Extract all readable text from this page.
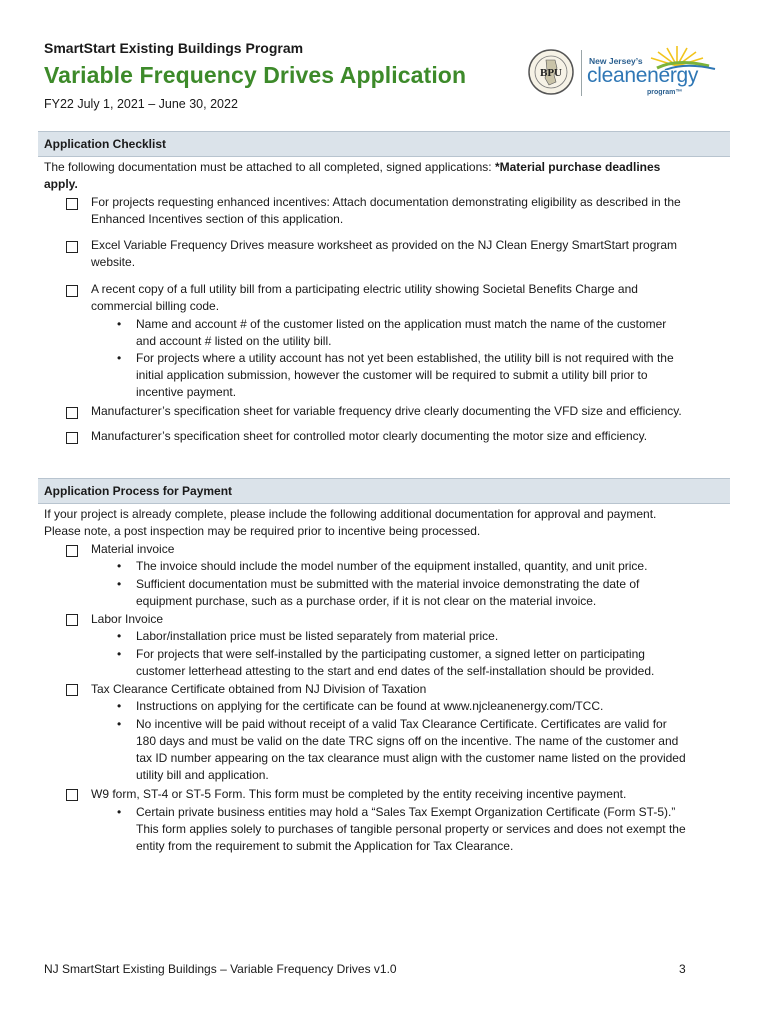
SmartStart Existing Buildings Program
Variable Frequency Drives Application
FY22 July 1, 2021 – June 30, 2022
BPU
New Jersey’s
cleanenergy
program™
Application Checklist
The following documentation must be attached to all completed, signed applications: *Material purchase deadlines
apply.
For projects requesting enhanced incentives: Attach documentation demonstrating eligibility as described in the
Enhanced Incentives section of this application.
Excel Variable Frequency Drives measure worksheet as provided on the NJ Clean Energy SmartStart program
website.
A recent copy of a full utility bill from a participating electric utility showing Societal Benefits Charge and
commercial billing code.
• Name and account # of the customer listed on the application must match the name of the customer
and account # listed on the utility bill.
• For projects where a utility account has not yet been established, the utility bill is not required with the
initial application submission, however the customer will be required to submit a utility bill prior to
incentive payment.
Manufacturer’s specification sheet for variable frequency drive clearly documenting the VFD size and efficiency.
Manufacturer’s specification sheet for controlled motor clearly documenting the motor size and efficiency.
Application Process for Payment
If your project is already complete, please include the following additional documentation for approval and payment.
Please note, a post inspection may be required prior to incentive being processed.
Material invoice
• The invoice should include the model number of the equipment installed, quantity, and unit price.
• Sufficient documentation must be submitted with the material invoice demonstrating the date of
equipment purchase, such as a purchase order, if it is not clear on the material invoice.
Labor Invoice
• Labor/installation price must be listed separately from material price.
• For projects that were self-installed by the participating customer, a signed letter on participating
customer letterhead attesting to the start and end dates of the self-installation should be provided.
Tax Clearance Certificate obtained from NJ Division of Taxation
• Instructions on applying for the certificate can be found at www.njcleanenergy.com/TCC.
• No incentive will be paid without receipt of a valid Tax Clearance Certificate. Certificates are valid for
180 days and must be valid on the date TRC signs off on the incentive. The name of the customer and
tax ID number appearing on the tax clearance must align with the customer name listed on the provided
utility bill and application.
W9 form, ST-4 or ST-5 Form. This form must be completed by the entity receiving incentive payment.
• Certain private business entities may hold a “Sales Tax Exempt Organization Certificate (Form ST-5).”
This form applies solely to purchases of tangible personal property or services and does not exempt the
entity from the requirement to submit the Application for Tax Clearance.
NJ SmartStart Existing Buildings – Variable Frequency Drives v1.0	3
